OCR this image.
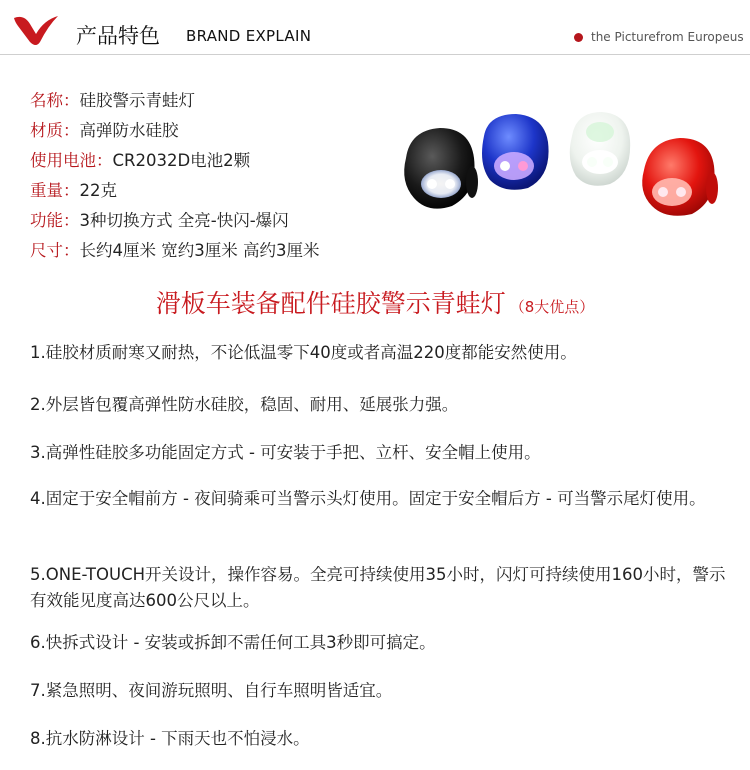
产品特色 BRAND EXPLAIN	the Picturefrom Europeus
名称：硅胶警示青蛙灯
材质：高弹防水硅胶
使用电池：CR2032D电池2颗
重量：22克
功能：3种切换方式 全亮-快闪-爆闪
尺寸：长约4厘米 宽约3厘米 高约3厘米
滑板车装备配件硅胶警示青蛙灯 （8大优点）

1.硅胶材质耐寒又耐热，不论低温零下40度或者高温220度都能安然使用。

2.外层皆包覆高弹性防水硅胶，稳固、耐用、延展张力强。

3.高弹性硅胶多功能固定方式 - 可安装于手把、立杆、安全帽上使用。

4.固定于安全帽前方 - 夜间骑乘可当警示头灯使用。固定于安全帽后方 - 可当警示尾灯使用。

5.ONE-TOUCH开关设计，操作容易。全亮可持续使用35小时，闪灯可持续使用160小时，警示有效能见度高达600公尺以上。

6.快拆式设计 - 安装或拆卸不需任何工具3秒即可搞定。

7.紧急照明、夜间游玩照明、自行车照明皆适宜。

8.抗水防淋设计 - 下雨天也不怕浸水。
